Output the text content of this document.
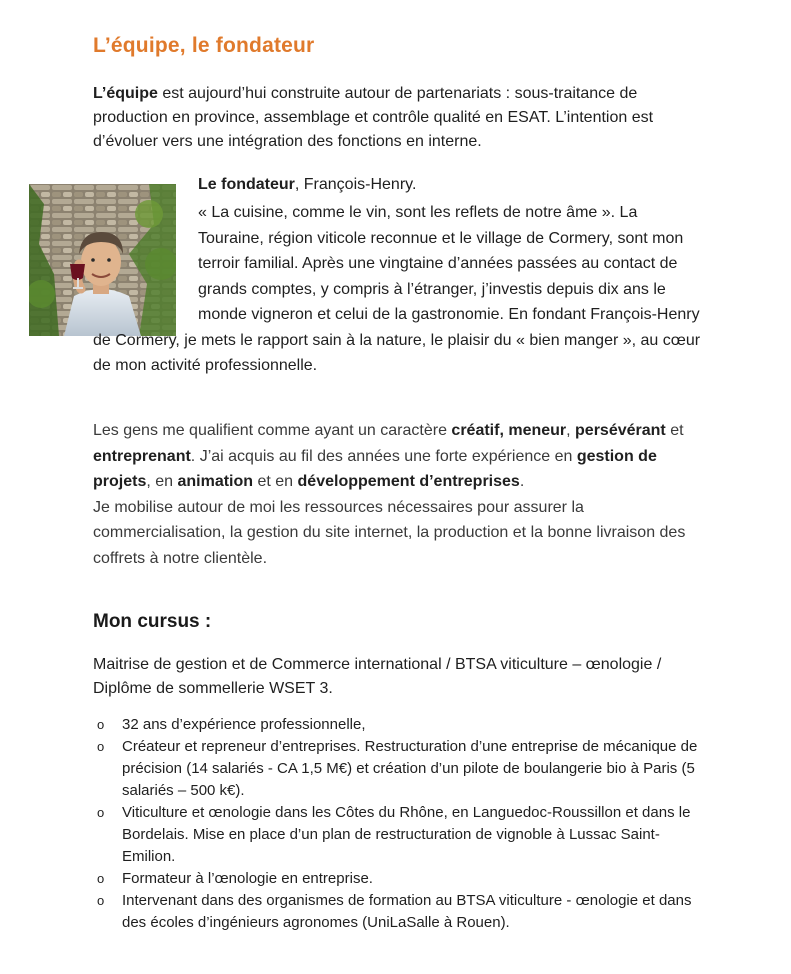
L’équipe, le fondateur

L’équipe est aujourd’hui construite autour de partenariats : sous-traitance de production en province, assemblage et contrôle qualité en ESAT. L’intention est d’évoluer vers une intégration des fonctions en interne.

Le fondateur, François-Henry.

« La cuisine, comme le vin, sont les reflets de notre âme ». La Touraine, région viticole reconnue et le village de Cormery, sont mon terroir familial. Après une vingtaine d’années passées au contact de grands comptes, y compris à l’étranger, j’investis depuis dix ans le monde vigneron et celui de la gastronomie. En fondant François-Henry de Cormery, je mets le rapport sain à la nature, le plaisir du « bien manger », au cœur de mon activité professionnelle.

Les gens me qualifient comme ayant un caractère créatif, meneur, persévérant et entreprenant. J’ai acquis au fil des années une forte expérience en gestion de projets, en animation et en développement d’entreprises.
Je mobilise autour de moi les ressources nécessaires pour assurer la commercialisation, la gestion du site internet, la production et la bonne livraison des coffrets à notre clientèle.

Mon cursus :

Maitrise de gestion et de Commerce international / BTSA viticulture – œnologie / Diplôme de sommellerie WSET 3.

o 32 ans d’expérience professionnelle,
o Créateur et repreneur d’entreprises. Restructuration d’une entreprise de mécanique de précision (14 salariés - CA 1,5 M€) et création d’un pilote de boulangerie bio à Paris (5 salariés – 500 k€).
o Viticulture et œnologie dans les Côtes du Rhône, en Languedoc-Roussillon et dans le Bordelais. Mise en place d’un plan de restructuration de vignoble à Lussac Saint-Emilion.
o Formateur à l’œnologie en entreprise.
o Intervenant dans des organismes de formation au BTSA viticulture - œnologie et dans des écoles d’ingénieurs agronomes (UniLaSalle à Rouen).
